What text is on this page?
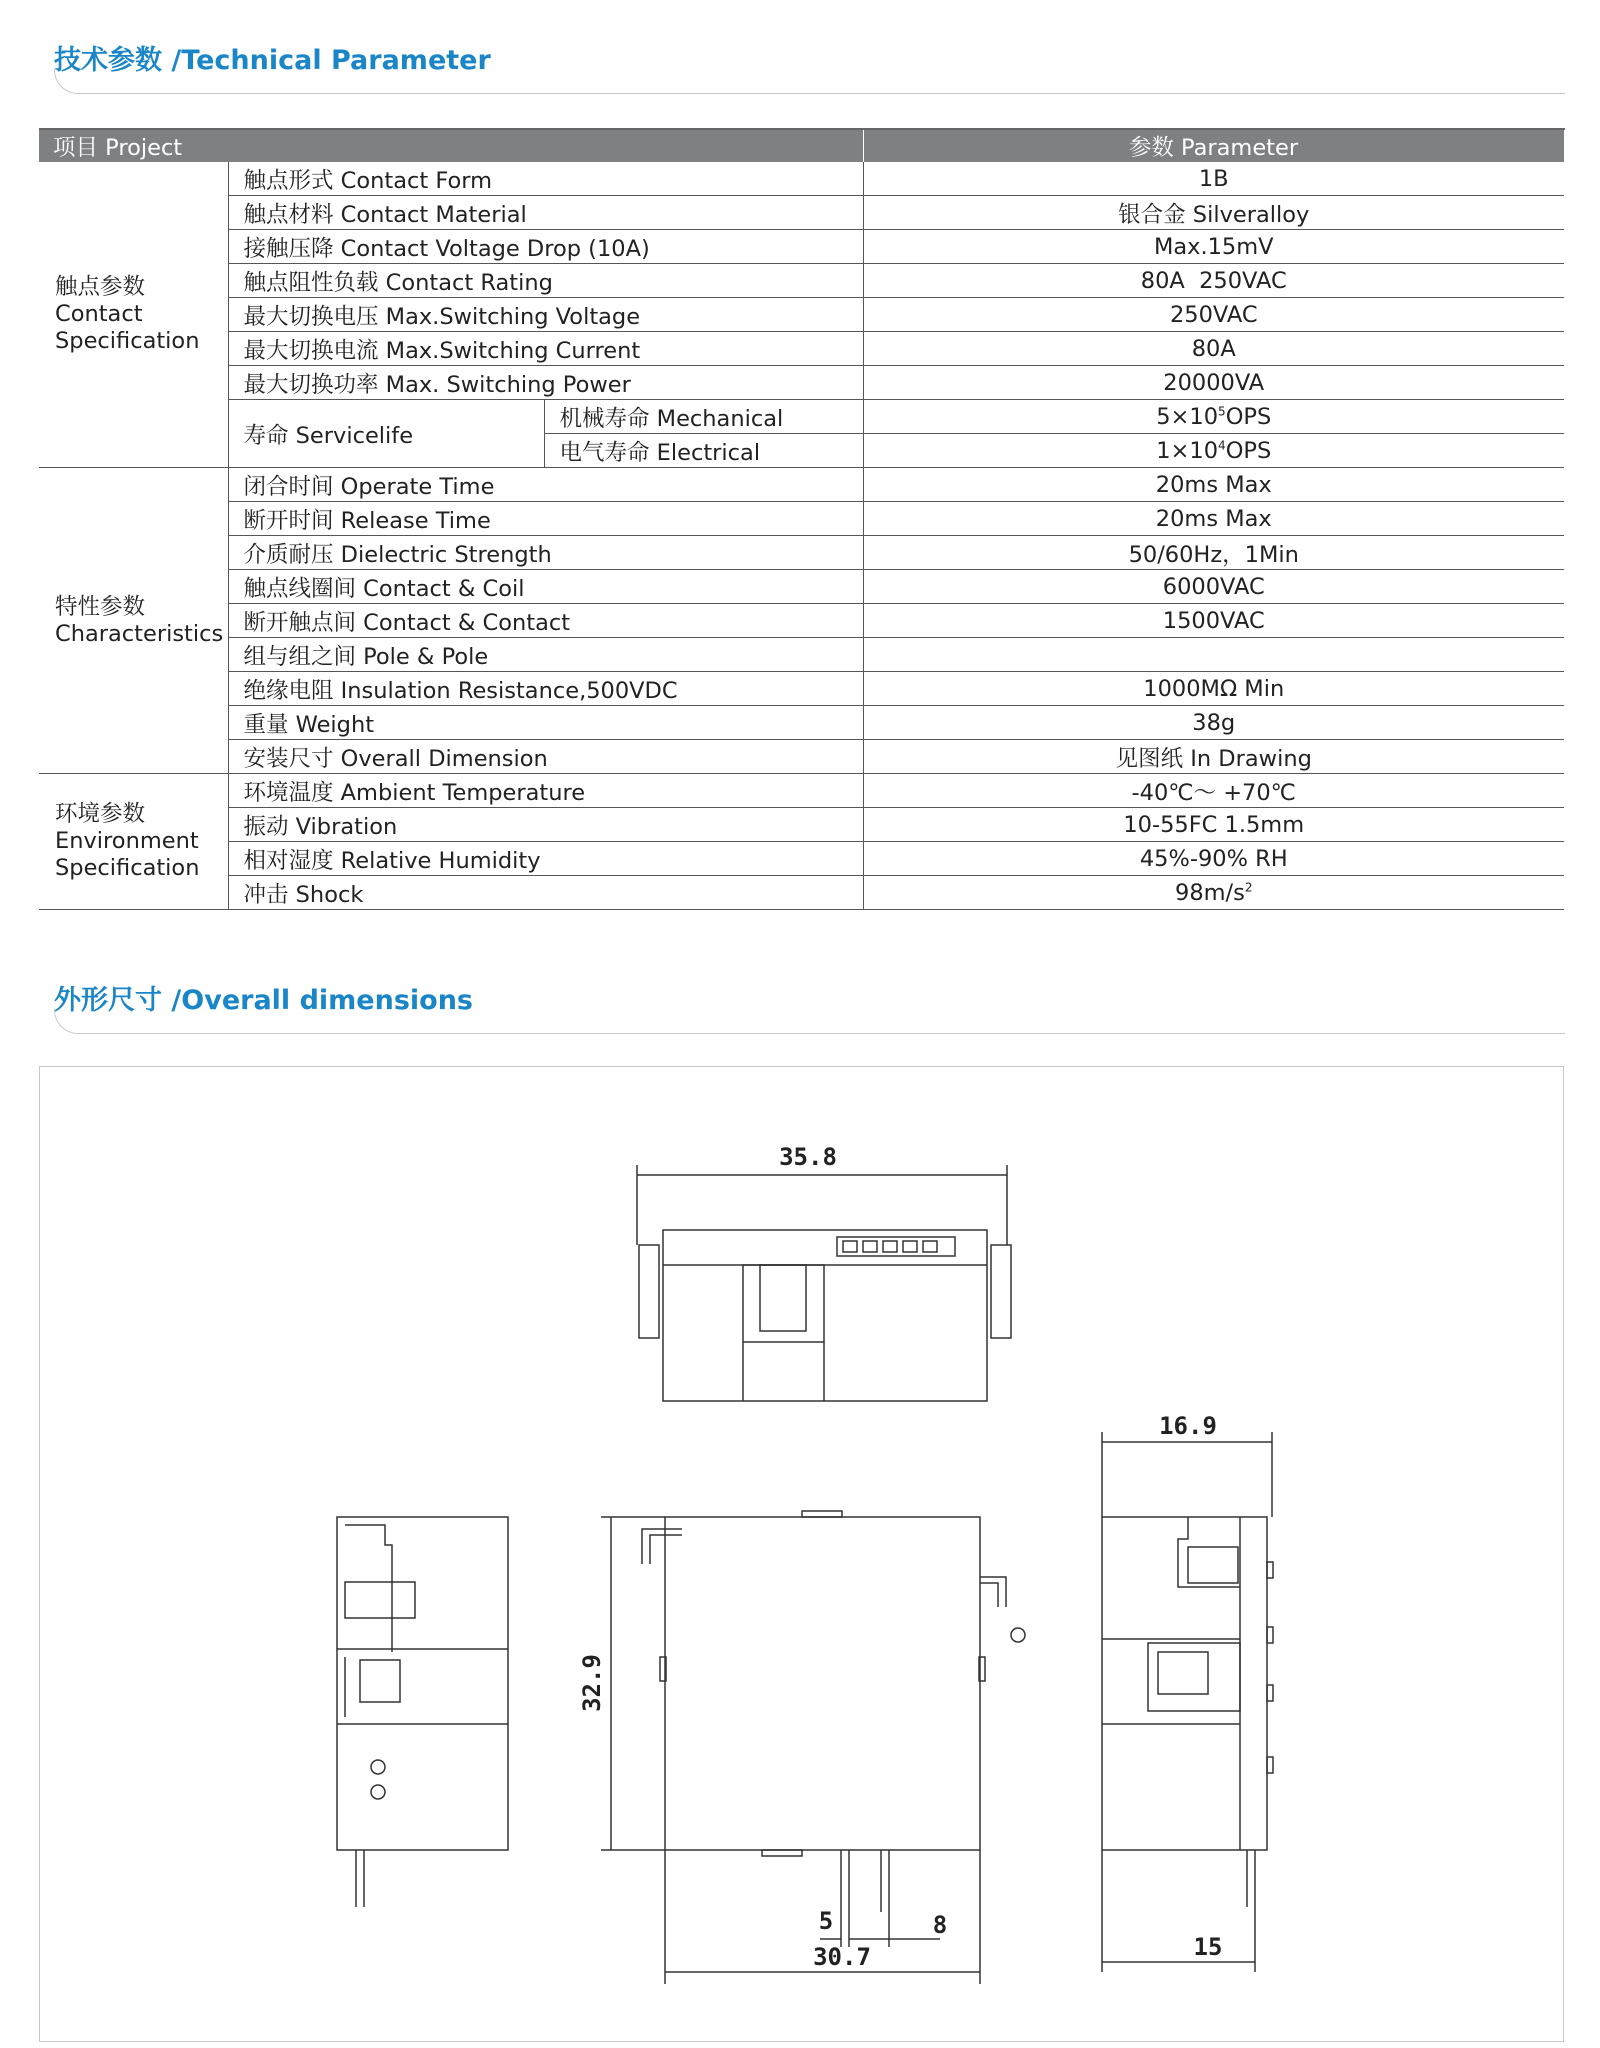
技术参数 /Technical Parameter
项目 Project			参数 Parameter

触点参数
Contact
Specification	触点形式 Contact Form		1B
	触点材料 Contact Material		银合金 Silveralloy
	接触压降 Contact Voltage Drop (10A)		Max.15mV
	触点阻性负载 Contact Rating		80A  250VAC
	最大切换电压 Max.Switching Voltage		250VAC
	最大切换电流 Max.Switching Current		80A
	最大切换功率 Max. Switching Power		20000VA
	寿命 Servicelife	机械寿命 Mechanical	$5\times 10^5OPS$
		电气寿命 Electrical	$1\times 10^4OPS$

特性参数
Characteristics	闭合时间 Operate Time		20ms Max
	断开时间 Release Time		20ms Max
	介质耐压 Dielectric Strength		50/60Hz，1Min
	触点线圈间 Contact & Coil		6000VAC
	断开触点间 Contact & Contact		1500VAC
	组与组之间 Pole & Pole		
	绝缘电阻 Insulation Resistance,500VDC		1000MΩ Min
	重量 Weight		38g
	安装尺寸 Overall Dimension		见图纸 In Drawing

环境参数
Environment
Specification	环境温度 Ambient Temperature		-40℃～ +70℃
	振动 Vibration		10-55FC 1.5mm
	相对湿度 Relative Humidity		45%-90% RH
	冲击 Shock		$98m/s^2$
外形尺寸 /Overall dimensions
35.8
16.9
32.9
5	8
30.7	15
